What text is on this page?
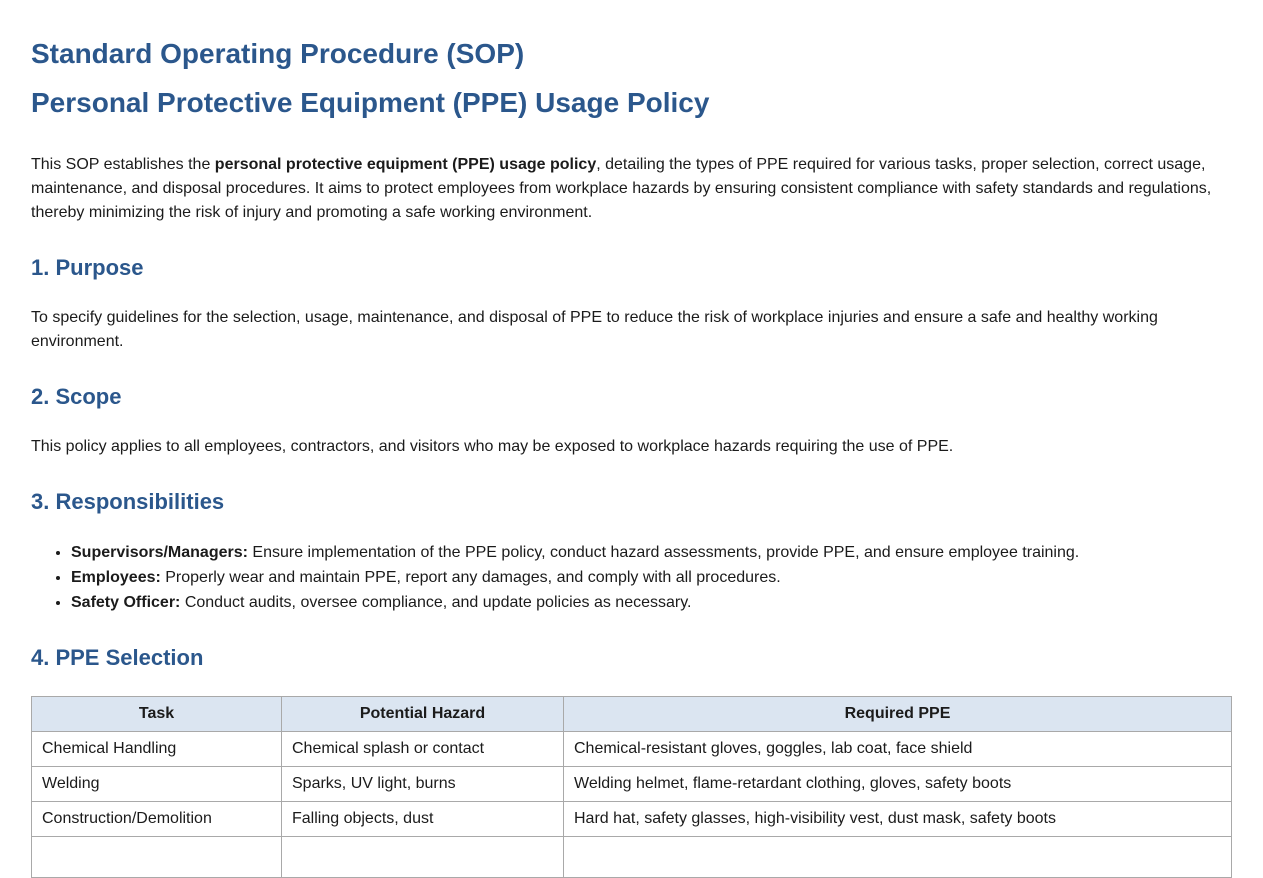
Standard Operating Procedure (SOP)
Personal Protective Equipment (PPE) Usage Policy

This SOP establishes the personal protective equipment (PPE) usage policy, detailing the types of PPE required for various tasks, proper selection, correct usage, maintenance, and disposal procedures. It aims to protect employees from workplace hazards by ensuring consistent compliance with safety standards and regulations, thereby minimizing the risk of injury and promoting a safe working environment.

1. Purpose

To specify guidelines for the selection, usage, maintenance, and disposal of PPE to reduce the risk of workplace injuries and ensure a safe and healthy working environment.

2. Scope

This policy applies to all employees, contractors, and visitors who may be exposed to workplace hazards requiring the use of PPE.

3. Responsibilities
• Supervisors/Managers: Ensure implementation of the PPE policy, conduct hazard assessments, provide PPE, and ensure employee training.
• Employees: Properly wear and maintain PPE, report any damages, and comply with all procedures.
• Safety Officer: Conduct audits, oversee compliance, and update policies as necessary.
4. PPE Selection
Task	Potential Hazard	Required PPE
Chemical Handling	Chemical splash or contact	Chemical-resistant gloves, goggles, lab coat, face shield
Welding	Sparks, UV light, burns	Welding helmet, flame-retardant clothing, gloves, safety boots
Construction/Demolition	Falling objects, dust	Hard hat, safety glasses, high-visibility vest, dust mask, safety boots
